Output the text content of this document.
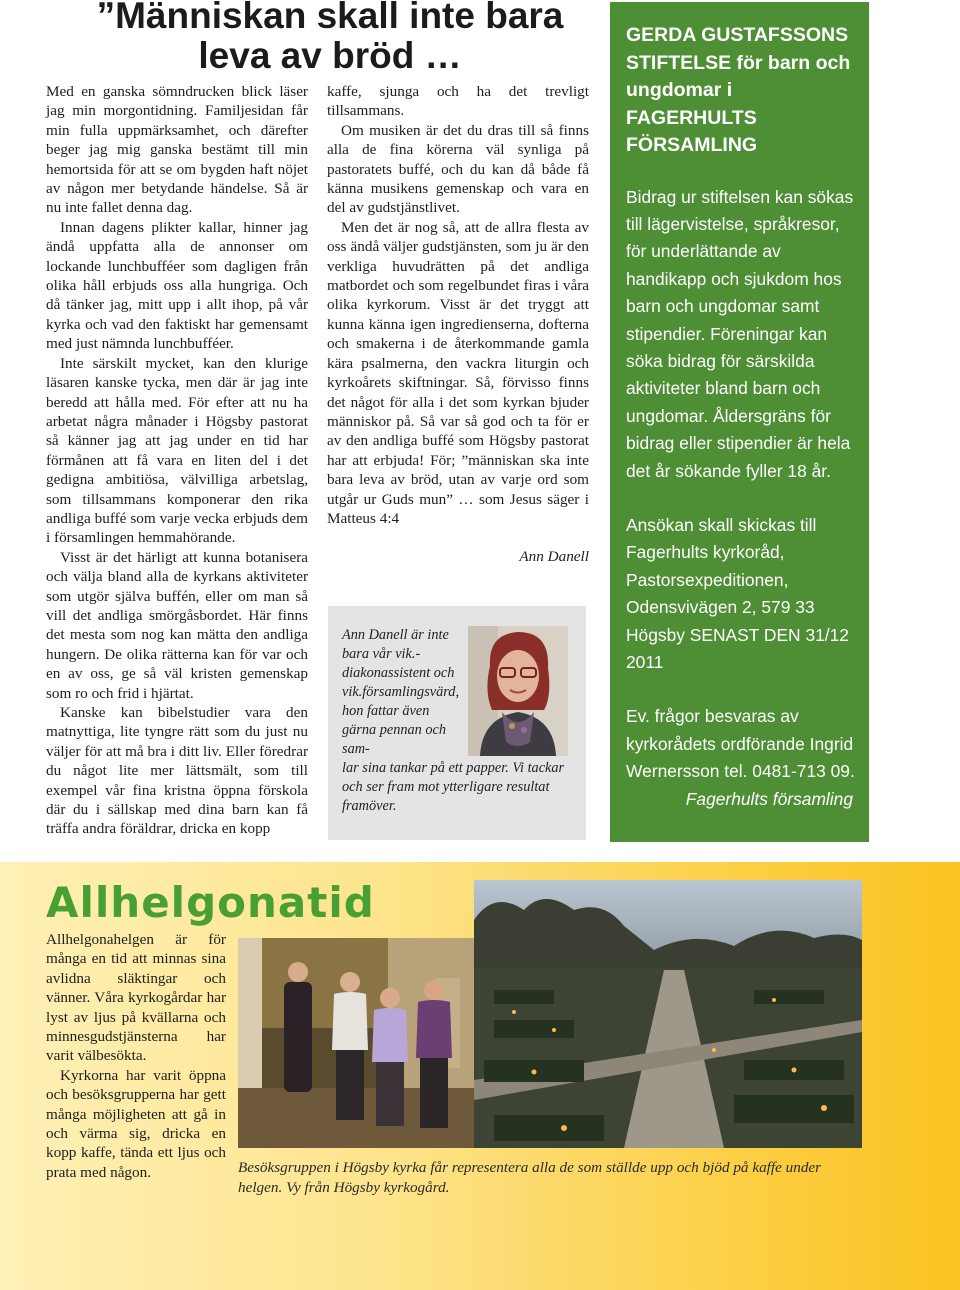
”Människan skall inte bara leva av bröd …

Med en ganska sömndrucken blick läser jag min morgontidning. Familjesidan får min fulla uppmärksamhet, och därefter beger jag mig ganska bestämt till min hemortsida för att se om bygden haft nöjet av någon mer betydande händelse. Så är nu inte fallet denna dag.

Innan dagens plikter kallar, hinner jag ändå uppfatta alla de annonser om lockande lunchbufféer som dagligen från olika håll erbjuds oss alla hungriga. Och då tänker jag, mitt upp i allt ihop, på vår kyrka och vad den faktiskt har gemensamt med just nämnda lunchbufféer.

Inte särskilt mycket, kan den klurige läsaren kanske tycka, men där är jag inte beredd att hålla med. För efter att nu ha arbetat några månader i Högsby pastorat så känner jag att jag under en tid har förmånen att få vara en liten del i det gedigna ambitiösa, välvilliga arbetslag, som tillsammans komponerar den rika andliga buffé som varje vecka erbjuds dem i församlingen hemmahörande.

Visst är det härligt att kunna botanisera och välja bland alla de kyrkans aktiviteter som utgör själva buffén, eller om man så vill det andliga smörgåsbordet. Här finns det mesta som nog kan mätta den andliga hungern. De olika rätterna kan för var och en av oss, ge så väl kristen gemenskap som ro och frid i hjärtat.

Kanske kan bibelstudier vara den matnyttiga, lite tyngre rätt som du just nu väljer för att må bra i ditt liv. Eller föredrar du något lite mer lättsmält, som till exempel vår fina kristna öppna förskola där du i sällskap med dina barn kan få träffa andra föräldrar, dricka en kopp

kaffe, sjunga och ha det trevligt tillsammans.

Om musiken är det du dras till så finns alla de fina körerna väl synliga på pastoratets buffé, och du kan då både få känna musikens gemenskap och vara en del av gudstjänstlivet.

Men det är nog så, att de allra flesta av oss ändå väljer gudstjänsten, som ju är den verkliga huvudrätten på det andliga matbordet och som regelbundet firas i våra olika kyrkorum. Visst är det tryggt att kunna känna igen ingredienserna, dofterna och smakerna i de återkommande gamla kära psalmerna, den vackra liturgin och kyrkoårets skiftningar. Så, förvisso finns det något för alla i det som kyrkan bjuder människor på. Så var så god och ta för er av den andliga buffé som Högsby pastorat har att erbjuda! För; ”människan ska inte bara leva av bröd, utan av varje ord som utgår ur Guds mun” … som Jesus säger i Matteus 4:4

Ann Danell

Ann Danell är inte bara vår vik.-diakonassistent och vik.församlingsvärd, hon fattar även gärna pennan och sam-
lar sina tankar på ett papper. Vi tackar och ser fram mot ytterligare resultat framöver.
GERDA GUSTAFSSONS STIFTELSE för barn och ungdomar i FAGERHULTS FÖRSAMLING
Bidrag ur stiftelsen kan sökas till lägervistelse, språkresor, för underlättande av handikapp och sjukdom hos barn och ungdomar samt stipendier. Föreningar kan söka bidrag för särskilda aktiviteter bland barn och ungdomar. Åldersgräns för bidrag eller stipendier är hela det år sökande fyller 18 år.
Ansökan skall skickas till Fagerhults kyrkoråd, Pastorsexpeditionen, Odensvivägen 2, 579 33 Högsby SENAST DEN 31/12 2011
Ev. frågor besvaras av kyrkorådets ordförande Ingrid Wernersson tel. 0481-713 09.
Fagerhults församling
Allhelgonatid

Allhelgonahelgen är för många en tid att minnas sina avlidna släktingar och vänner. Våra kyrkogårdar har lyst av ljus på kvällarna och minnesgudstjänsterna har varit välbesökta.

Kyrkorna har varit öppna och besöksgrupperna har gett många möjligheten att gå in och värma sig, dricka en kopp kaffe, tända ett ljus och prata med någon.	Besöksgruppen i Högsby kyrka får representera alla de som ställde upp och bjöd på kaffe under helgen. Vy från Högsby kyrkogård.
